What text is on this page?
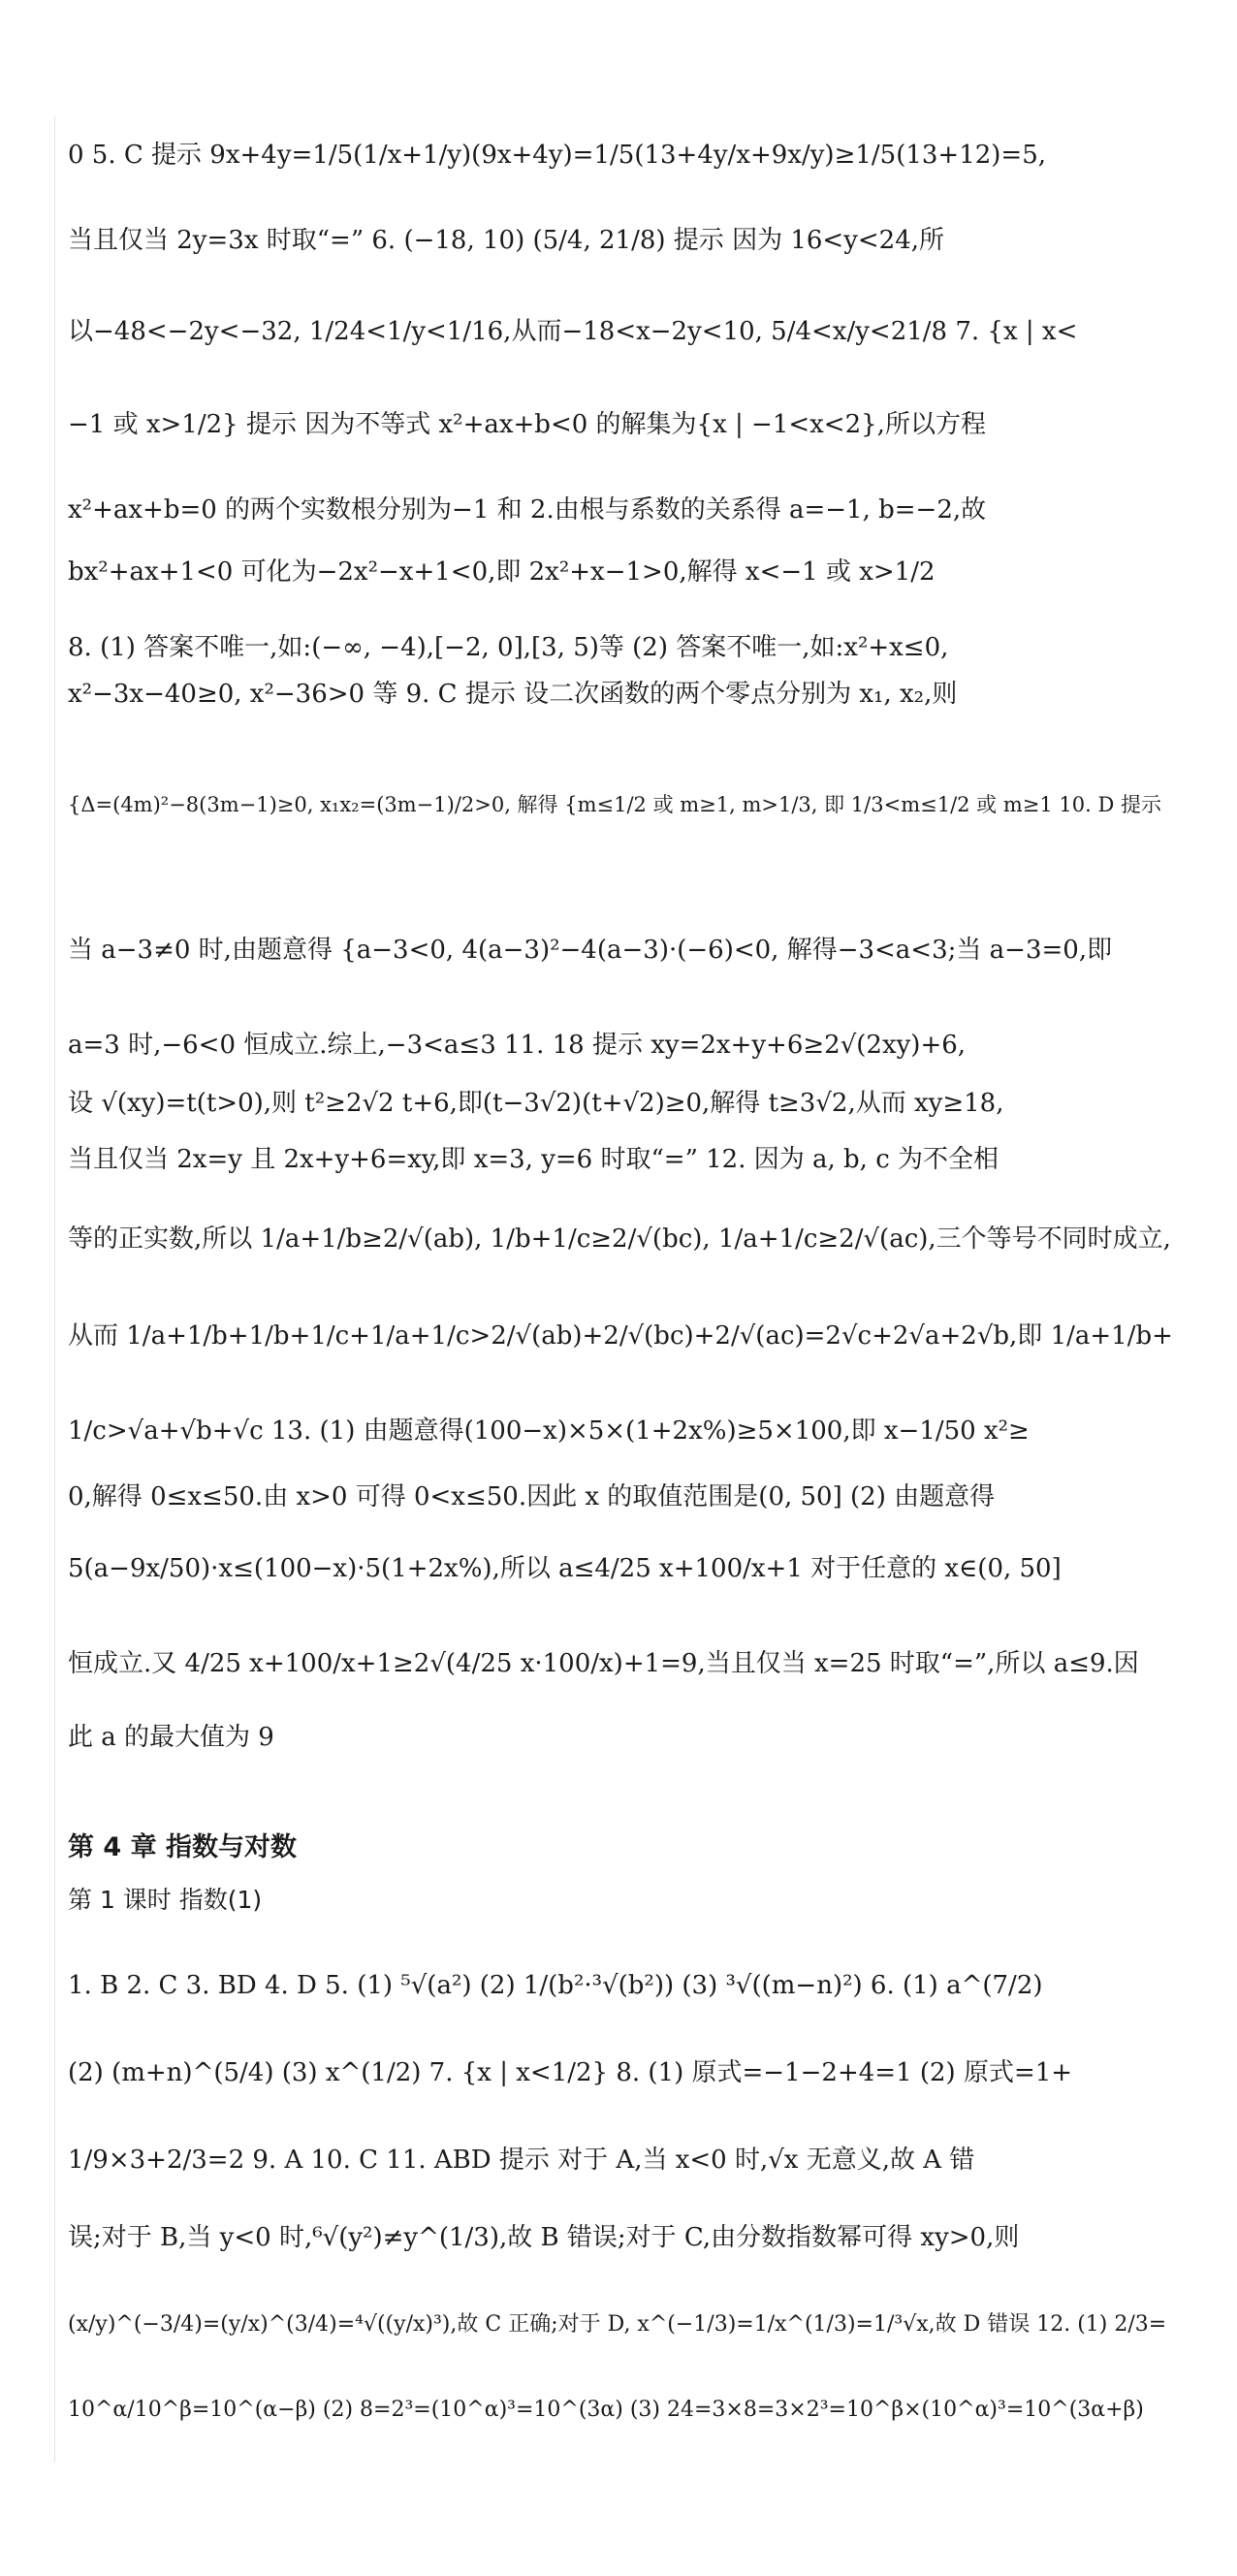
0 5. C 提示 9x+4y=1/5(1/x+1/y)(9x+4y)=1/5(13+4y/x+9x/y)≥1/5(13+12)=5,
当且仅当 2y=3x 时取“=” 6. (−18, 10) (5/4, 21/8) 提示 因为 16<y<24,所
以−48<−2y<−32, 1/24<1/y<1/16,从而−18<x−2y<10, 5/4<x/y<21/8 7. {x | x<
−1 或 x>1/2} 提示 因为不等式 x²+ax+b<0 的解集为{x | −1<x<2},所以方程
x²+ax+b=0 的两个实数根分别为−1 和 2.由根与系数的关系得 a=−1, b=−2,故
bx²+ax+1<0 可化为−2x²−x+1<0,即 2x²+x−1>0,解得 x<−1 或 x>1/2
8. (1) 答案不唯一,如:(−∞, −4),[−2, 0],[3, 5)等 (2) 答案不唯一,如:x²+x≤0,
x²−3x−40≥0, x²−36>0 等 9. C 提示 设二次函数的两个零点分别为 x₁, x₂,则
{Δ=(4m)²−8(3m−1)≥0, x₁x₂=(3m−1)/2>0, 解得 {m≤1/2 或 m≥1, m>1/3, 即 1/3<m≤1/2 或 m≥1 10. D 提示
当 a−3≠0 时,由题意得 {a−3<0, 4(a−3)²−4(a−3)·(−6)<0, 解得−3<a<3;当 a−3=0,即
a=3 时,−6<0 恒成立.综上,−3<a≤3 11. 18 提示 xy=2x+y+6≥2√(2xy)+6,
设 √(xy)=t(t>0),则 t²≥2√2 t+6,即(t−3√2)(t+√2)≥0,解得 t≥3√2,从而 xy≥18,
当且仅当 2x=y 且 2x+y+6=xy,即 x=3, y=6 时取“=” 12. 因为 a, b, c 为不全相
等的正实数,所以 1/a+1/b≥2/√(ab), 1/b+1/c≥2/√(bc), 1/a+1/c≥2/√(ac),三个等号不同时成立,
从而 1/a+1/b+1/b+1/c+1/a+1/c>2/√(ab)+2/√(bc)+2/√(ac)=2√c+2√a+2√b,即 1/a+1/b+
1/c>√a+√b+√c 13. (1) 由题意得(100−x)×5×(1+2x%)≥5×100,即 x−1/50 x²≥
0,解得 0≤x≤50.由 x>0 可得 0<x≤50.因此 x 的取值范围是(0, 50] (2) 由题意得
5(a−9x/50)·x≤(100−x)·5(1+2x%),所以 a≤4/25 x+100/x+1 对于任意的 x∈(0, 50]
恒成立.又 4/25 x+100/x+1≥2√(4/25 x·100/x)+1=9,当且仅当 x=25 时取“=”,所以 a≤9.因
此 a 的最大值为 9
第 4 章 指数与对数
第 1 课时 指数(1)
1. B 2. C 3. BD 4. D 5. (1) ⁵√(a²) (2) 1/(b²·³√(b²)) (3) ³√((m−n)²) 6. (1) a^(7/2)
(2) (m+n)^(5/4) (3) x^(1/2) 7. {x | x<1/2} 8. (1) 原式=−1−2+4=1 (2) 原式=1+
1/9×3+2/3=2 9. A 10. C 11. ABD 提示 对于 A,当 x<0 时,√x 无意义,故 A 错
误;对于 B,当 y<0 时,⁶√(y²)≠y^(1/3),故 B 错误;对于 C,由分数指数幂可得 xy>0,则
(x/y)^(−3/4)=(y/x)^(3/4)=⁴√((y/x)³),故 C 正确;对于 D, x^(−1/3)=1/x^(1/3)=1/³√x,故 D 错误 12. (1) 2/3=
10^α/10^β=10^(α−β) (2) 8=2³=(10^α)³=10^(3α) (3) 24=3×8=3×2³=10^β×(10^α)³=10^(3α+β)
